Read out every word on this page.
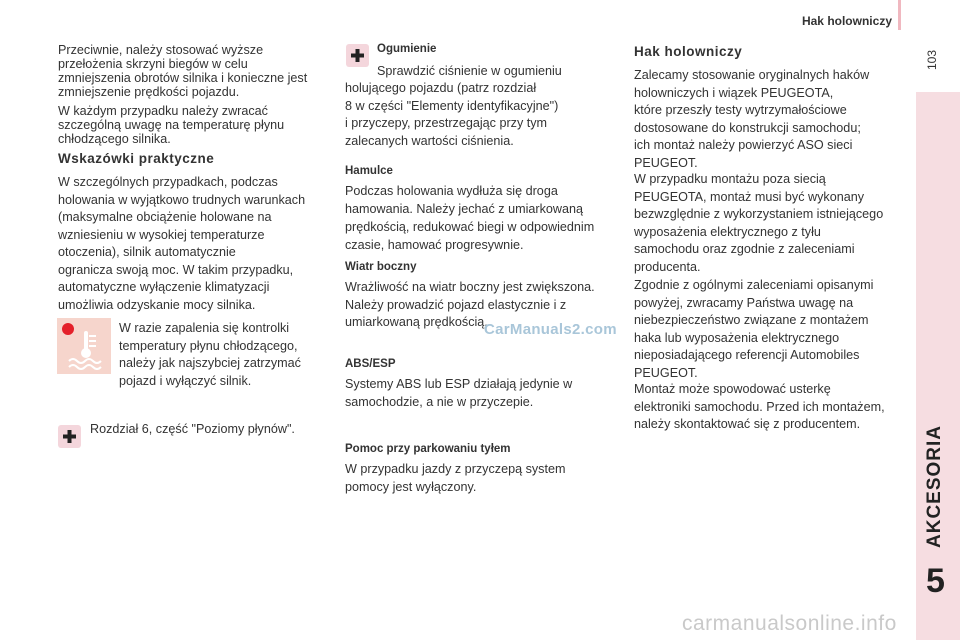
Hak holowniczy
103
AKCESORIA
5
Przeciwnie, należy stosować wyższe
przełożenia skrzyni biegów w celu
zmniejszenia obrotów silnika i konieczne jest
zmniejszenie prędkości pojazdu.
W każdym przypadku należy zwracać
szczególną uwagę na temperaturę płynu
chłodzącego silnika.
Wskazówki praktyczne
W szczególnych przypadkach, podczas
holowania w wyjątkowo trudnych warunkach
(maksymalne obciążenie holowane na
wzniesieniu w wysokiej temperaturze
otoczenia), silnik automatycznie
ogranicza swoją moc. W takim przypadku,
automatyczne wyłączenie klimatyzacji
umożliwia odzyskanie mocy silnika.
W razie zapalenia się kontrolki
temperatury płynu chłodzącego,
należy jak najszybciej zatrzymać
pojazd i wyłączyć silnik.
Rozdział 6, część "Poziomy płynów".
Ogumienie
Sprawdzić ciśnienie w ogumieniu
holującego pojazdu (patrz rozdział
8 w części "Elementy identyfikacyjne")
i przyczepy, przestrzegając przy tym
zalecanych wartości ciśnienia.
Hamulce
Podczas holowania wydłuża się droga
hamowania. Należy jechać z umiarkowaną
prędkością, redukować biegi w odpowiednim
czasie, hamować progresywnie.
Wiatr boczny
Wrażliwość na wiatr boczny jest zwiększona.
Należy prowadzić pojazd elastycznie i z
umiarkowaną prędkością.
ABS/ESP
Systemy ABS lub ESP działają jedynie w
samochodzie, a nie w przyczepie.
Pomoc przy parkowaniu tyłem
W przypadku jazdy z przyczepą system
pomocy jest wyłączony.
CarManuals2.com
Hak holowniczy
Zalecamy stosowanie oryginalnych haków
holowniczych i wiązek PEUGEOTA,
które przeszły testy wytrzymałościowe
dostosowane do konstrukcji samochodu;
ich montaż należy powierzyć ASO sieci
PEUGEOT.
W przypadku montażu poza siecią
PEUGEOTA, montaż musi być wykonany
bezwzględnie z wykorzystaniem istniejącego
wyposażenia elektrycznego z tyłu
samochodu oraz zgodnie z zaleceniami
producenta.
Zgodnie z ogólnymi zaleceniami opisanymi
powyżej, zwracamy Państwa uwagę na
niebezpieczeństwo związane z montażem
haka lub wyposażenia elektrycznego
nieposiadającego referencji Automobiles
PEUGEOT.
Montaż może spowodować usterkę
elektroniki samochodu. Przed ich montażem,
należy skontaktować się z producentem.
carmanualsonline.info
